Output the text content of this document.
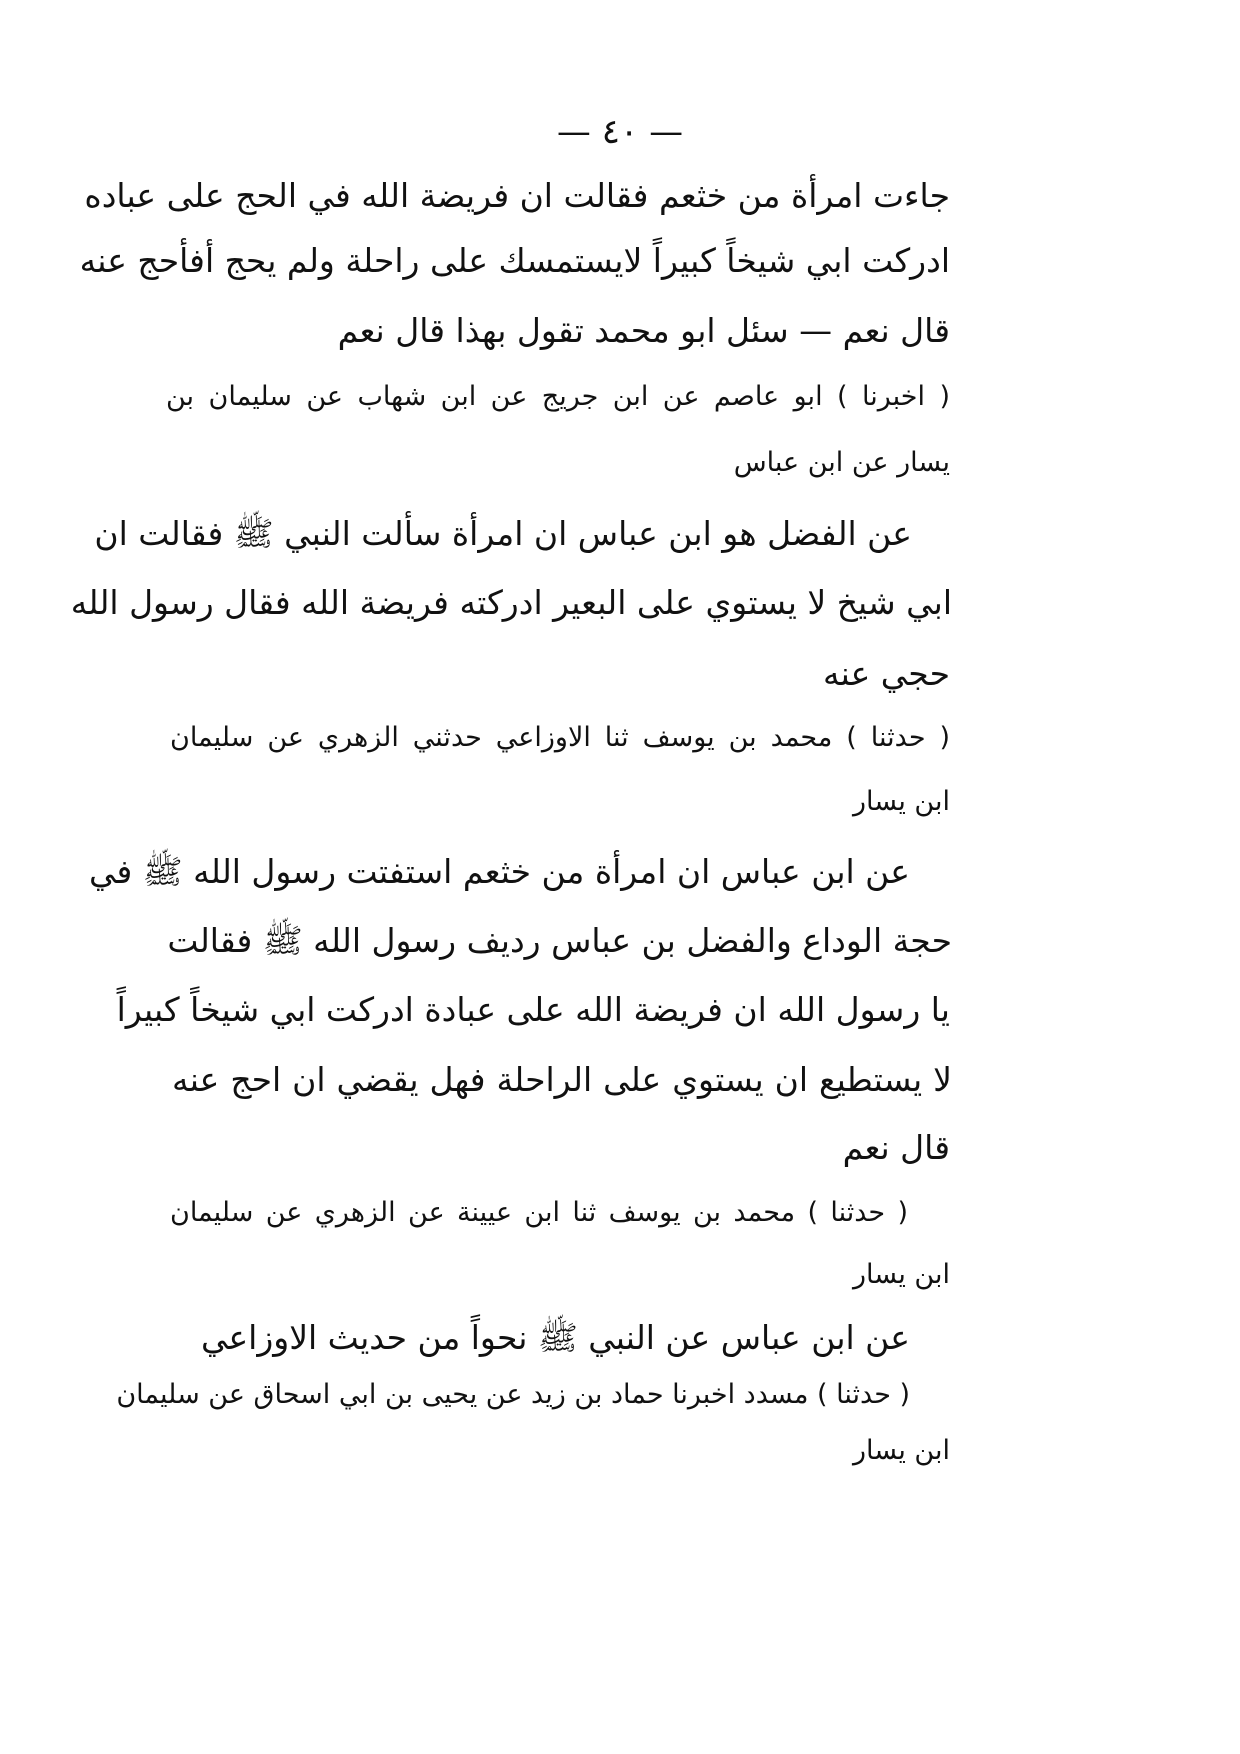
— ٤٠ —
جاءت امرأة من خثعم فقالت ان فريضة الله في الحج على عباده
ادركت ابي شيخاً كبيراً لايستمسك على راحلة ولم يحج أفأحج عنه
قال نعم — سئل ابو محمد تقول بهذا قال نعم
( اخبرنا ) ابو عاصم عن ابن جريج عن ابن شهاب عن سليمان بن
يسار عن ابن عباس
عن الفضل هو ابن عباس ان امرأة سألت النبي ﷺ فقالت ان
ابي شيخ لا يستوي على البعير ادركته فريضة الله فقال رسول الله
حجي عنه
( حدثنا ) محمد بن يوسف ثنا الاوزاعي حدثني الزهري عن سليمان
ابن يسار
عن ابن عباس ان امرأة من خثعم استفتت رسول الله ﷺ في
حجة الوداع والفضل بن عباس رديف رسول الله ﷺ فقالت
يا رسول الله ان فريضة الله على عبادة ادركت ابي شيخاً كبيراً
لا يستطيع ان يستوي على الراحلة فهل يقضي ان احج عنه
قال نعم
( حدثنا ) محمد بن يوسف ثنا ابن عيينة عن الزهري عن سليمان
ابن يسار
عن ابن عباس عن النبي ﷺ نحواً من حديث الاوزاعي
( حدثنا ) مسدد اخبرنا حماد بن زيد عن يحيى بن ابي اسحاق عن سليمان
ابن يسار
